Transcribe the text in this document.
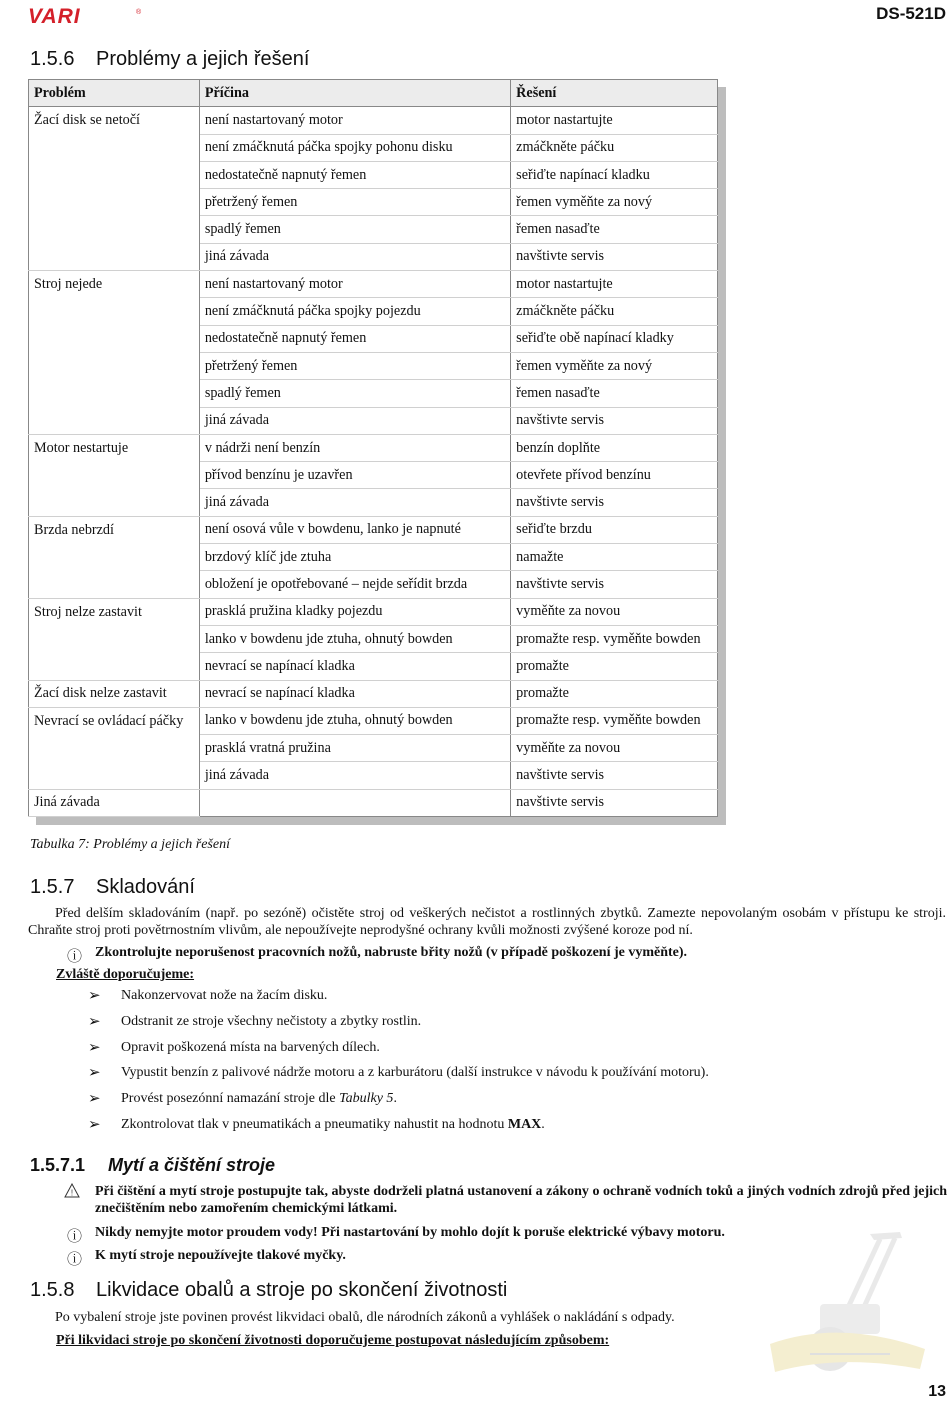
VARI	®	DS-521D
1.5.6 Problémy a jejich řešení
Problém	Příčina	Řešení
Žací disk se netočí	není nastartovaný motor	motor nastartujte
	není zmáčknutá páčka spojky pohonu disku	zmáčkněte páčku
	nedostatečně napnutý řemen	seřiďte napínací kladku
	přetržený řemen	řemen vyměňte za nový
	spadlý řemen	řemen nasaďte
	jiná závada	navštivte servis
Stroj nejede	není nastartovaný motor	motor nastartujte
	není zmáčknutá páčka spojky pojezdu	zmáčkněte páčku
	nedostatečně napnutý řemen	seřiďte obě napínací kladky
	přetržený řemen	řemen vyměňte za nový
	spadlý řemen	řemen nasaďte
	jiná závada	navštivte servis
Motor nestartuje	v nádrži není benzín	benzín doplňte
	přívod benzínu je uzavřen	otevřete přívod benzínu
	jiná závada	navštivte servis
Brzda nebrzdí	není osová vůle v bowdenu, lanko je napnuté	seřiďte brzdu
	brzdový klíč jde ztuha	namažte
	obložení je opotřebované – nejde seřídit brzda	navštivte servis
Stroj nelze zastavit	prasklá pružina kladky pojezdu	vyměňte za novou
	lanko v bowdenu jde ztuha, ohnutý bowden	promažte resp. vyměňte bowden
	nevrací se napínací kladka	promažte
Žací disk nelze zastavit	nevrací se napínací kladka	promažte
Nevrací se ovládací páčky	lanko v bowdenu jde ztuha, ohnutý bowden	promažte resp. vyměňte bowden
	prasklá vratná pružina	vyměňte za novou
	jiná závada	navštivte servis
Jiná závada		navštivte servis
Tabulka 7: Problémy a jejich řešení
1.5.7 Skladování
Před delším skladováním (např. po sezóně) očistěte stroj od veškerých nečistot a rostlinných zbytků. Zamezte nepovolaným osobám v přístupu ke stroji. Chraňte stroj proti povětrnostním vlivům, ale nepoužívejte neprodyšné ochrany kvůli možnosti zvýšené koroze pod ní.
ⓘ Zkontrolujte neporušenost pracovních nožů, nabruste břity nožů (v případě poškození je vyměňte).
Zvláště doporučujeme:
➢ Nakonzervovat nože na žacím disku.
➢ Odstranit ze stroje všechny nečistoty a zbytky rostlin.
➢ Opravit poškozená místa na barvených dílech.
➢ Vypustit benzín z palivové nádrže motoru a z karburátoru (další instrukce v návodu k používání motoru).
➢ Provést posezónní namazání stroje dle Tabulky 5.
➢ Zkontrolovat tlak v pneumatikách a pneumatiky nahustit na hodnotu MAX.
1.5.7.1 Mytí a čištění stroje
! Při čištění a mytí stroje postupujte tak, abyste dodrželi platná ustanovení a zákony o ochraně vodních toků a jiných vodních zdrojů před jejich znečištěním nebo zamořením chemickými látkami.
ⓘ Nikdy nemyjte motor proudem vody! Při nastartování by mohlo dojít k poruše elektrické výbavy motoru.
ⓘ K mytí stroje nepoužívejte tlakové myčky.
1.5.8 Likvidace obalů a stroje po skončení životnosti
Po vybalení stroje jste povinen provést likvidaci obalů, dle národních zákonů a vyhlášek o nakládání s odpady.
Při likvidaci stroje po skončení životnosti doporučujeme postupovat následujícím způsobem:
13
